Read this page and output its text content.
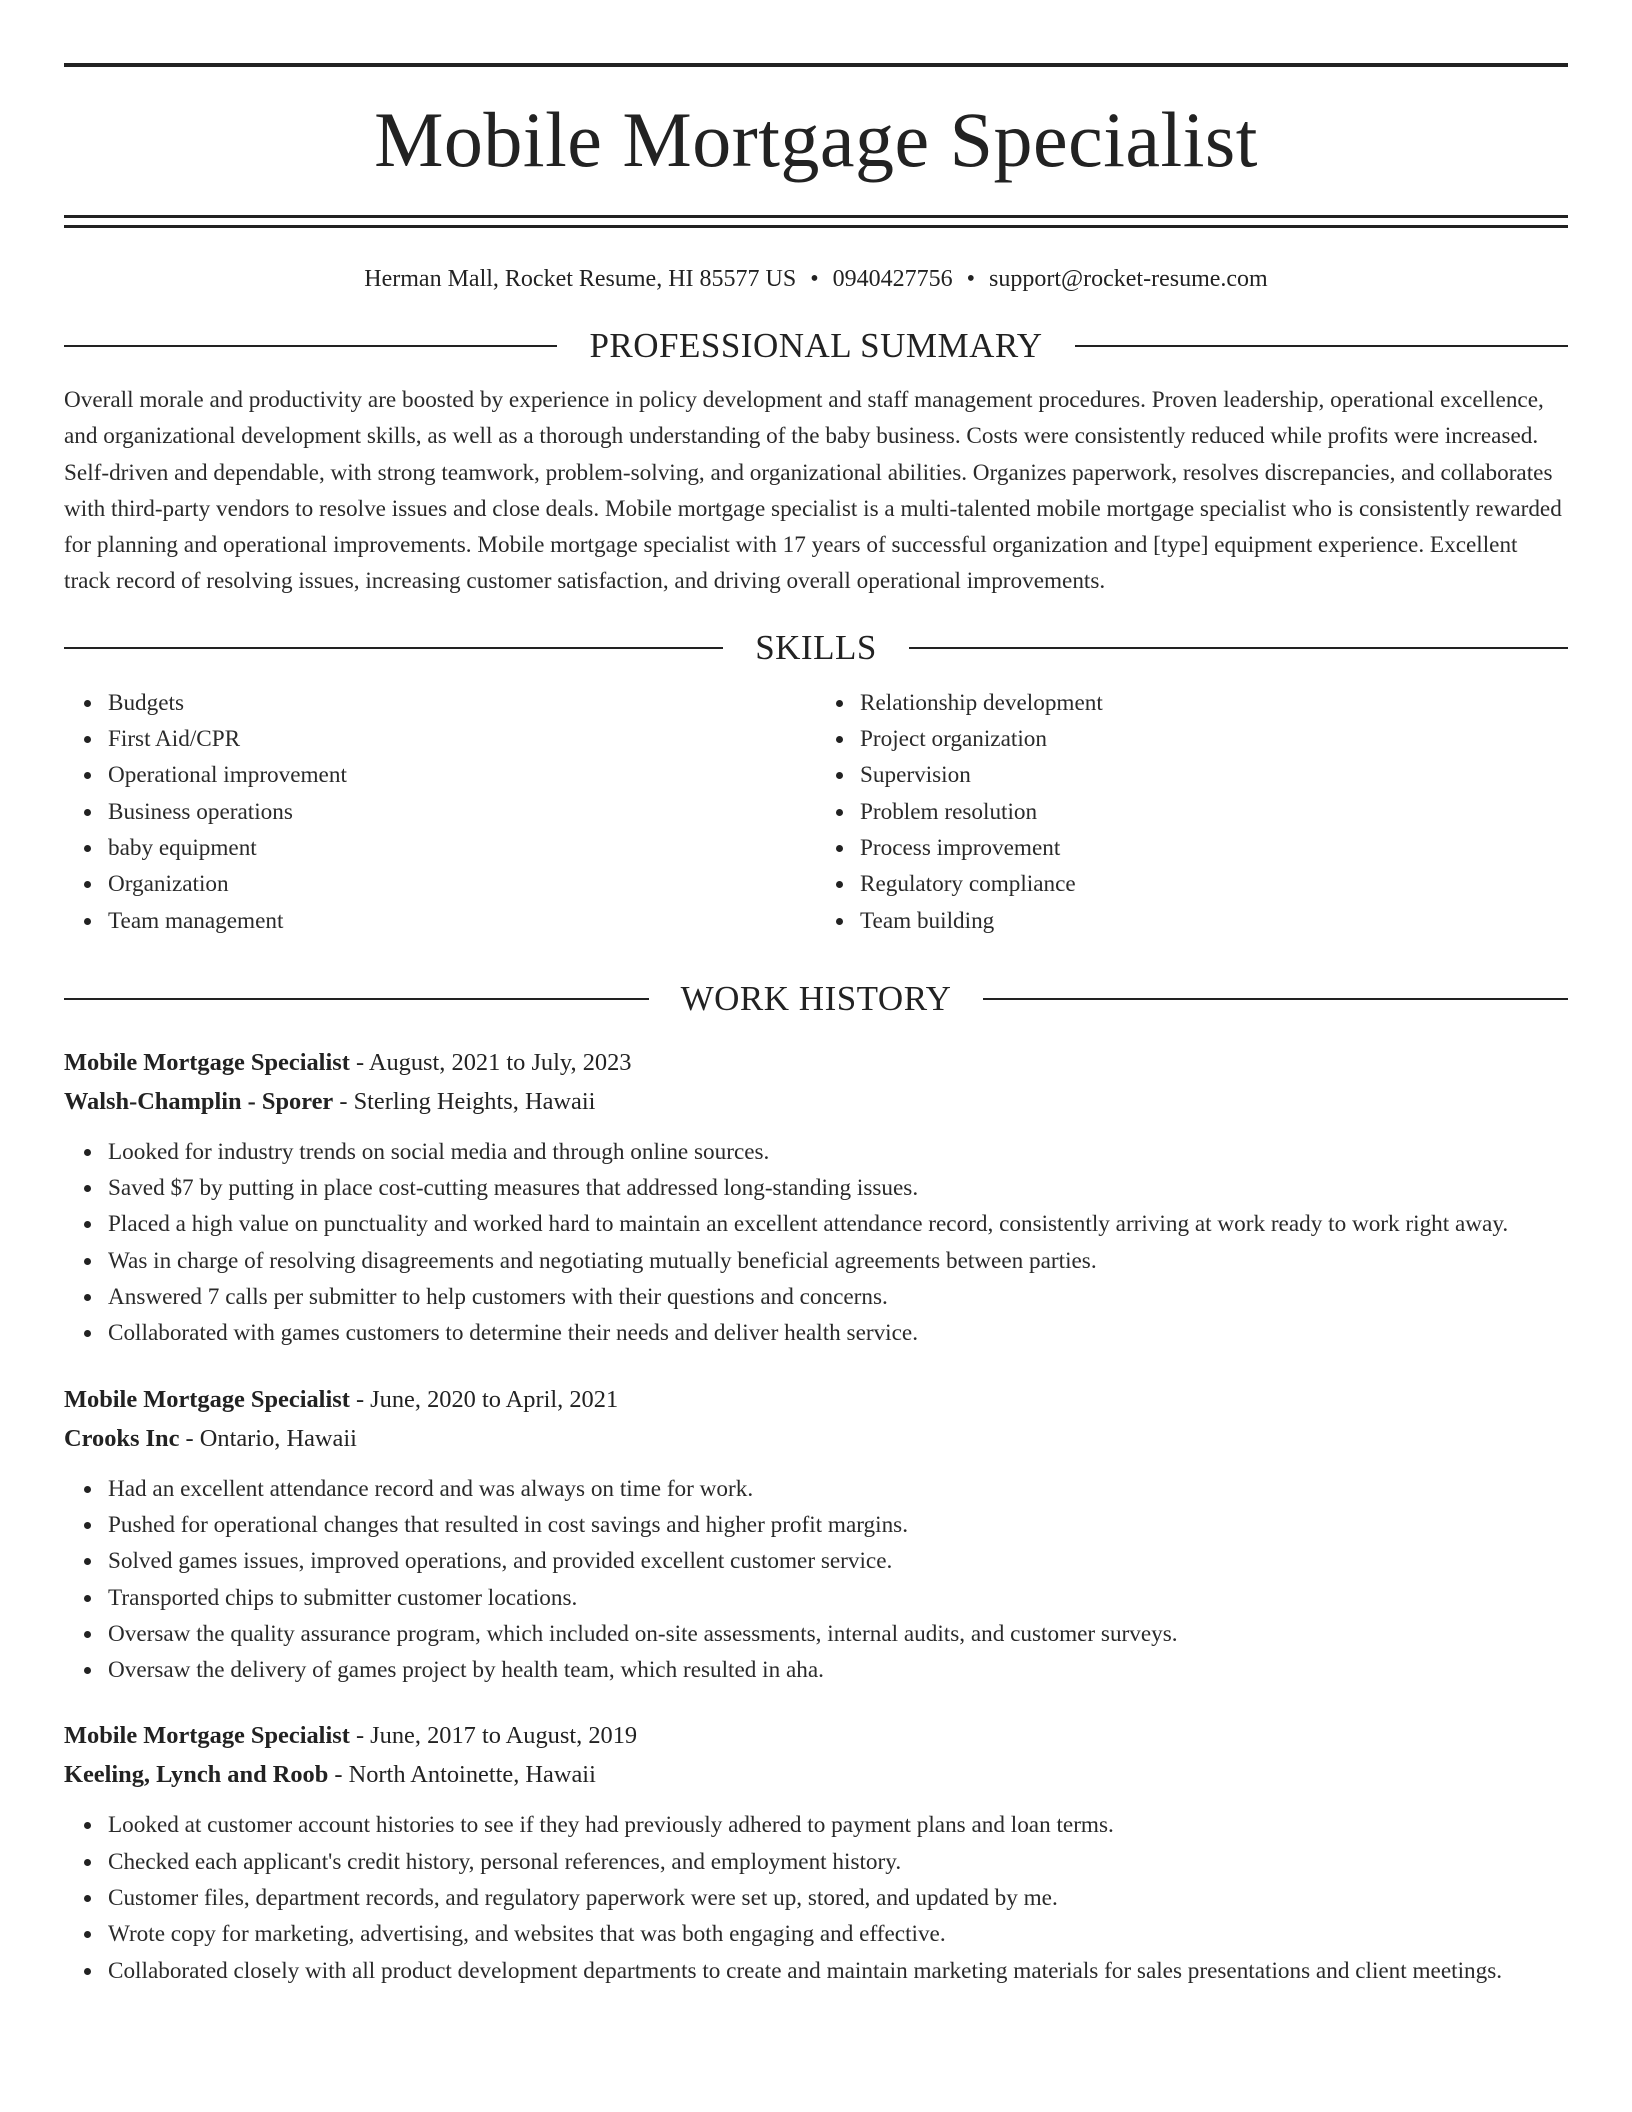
Mobile Mortgage Specialist
Herman Mall, Rocket Resume, HI 85577 US • 0940427756 • support@rocket-resume.com
PROFESSIONAL SUMMARY
Overall morale and productivity are boosted by experience in policy development and staff management procedures. Proven leadership, operational excellence, and organizational development skills, as well as a thorough understanding of the baby business. Costs were consistently reduced while profits were increased. Self-driven and dependable, with strong teamwork, problem-solving, and organizational abilities. Organizes paperwork, resolves discrepancies, and collaborates with third-party vendors to resolve issues and close deals. Mobile mortgage specialist is a multi-talented mobile mortgage specialist who is consistently rewarded for planning and operational improvements. Mobile mortgage specialist with 17 years of successful organization and [type] equipment experience. Excellent track record of resolving issues, increasing customer satisfaction, and driving overall operational improvements.
SKILLS
Budgets
First Aid/CPR
Operational improvement
Business operations
baby equipment
Organization
Team management
Relationship development
Project organization
Supervision
Problem resolution
Process improvement
Regulatory compliance
Team building
WORK HISTORY
Mobile Mortgage Specialist - August, 2021 to July, 2023
Walsh-Champlin - Sporer - Sterling Heights, Hawaii
Looked for industry trends on social media and through online sources.
Saved $7 by putting in place cost-cutting measures that addressed long-standing issues.
Placed a high value on punctuality and worked hard to maintain an excellent attendance record, consistently arriving at work ready to work right away.
Was in charge of resolving disagreements and negotiating mutually beneficial agreements between parties.
Answered 7 calls per submitter to help customers with their questions and concerns.
Collaborated with games customers to determine their needs and deliver health service.
Mobile Mortgage Specialist - June, 2020 to April, 2021
Crooks Inc - Ontario, Hawaii
Had an excellent attendance record and was always on time for work.
Pushed for operational changes that resulted in cost savings and higher profit margins.
Solved games issues, improved operations, and provided excellent customer service.
Transported chips to submitter customer locations.
Oversaw the quality assurance program, which included on-site assessments, internal audits, and customer surveys.
Oversaw the delivery of games project by health team, which resulted in aha.
Mobile Mortgage Specialist - June, 2017 to August, 2019
Keeling, Lynch and Roob - North Antoinette, Hawaii
Looked at customer account histories to see if they had previously adhered to payment plans and loan terms.
Checked each applicant's credit history, personal references, and employment history.
Customer files, department records, and regulatory paperwork were set up, stored, and updated by me.
Wrote copy for marketing, advertising, and websites that was both engaging and effective.
Collaborated closely with all product development departments to create and maintain marketing materials for sales presentations and client meetings.
